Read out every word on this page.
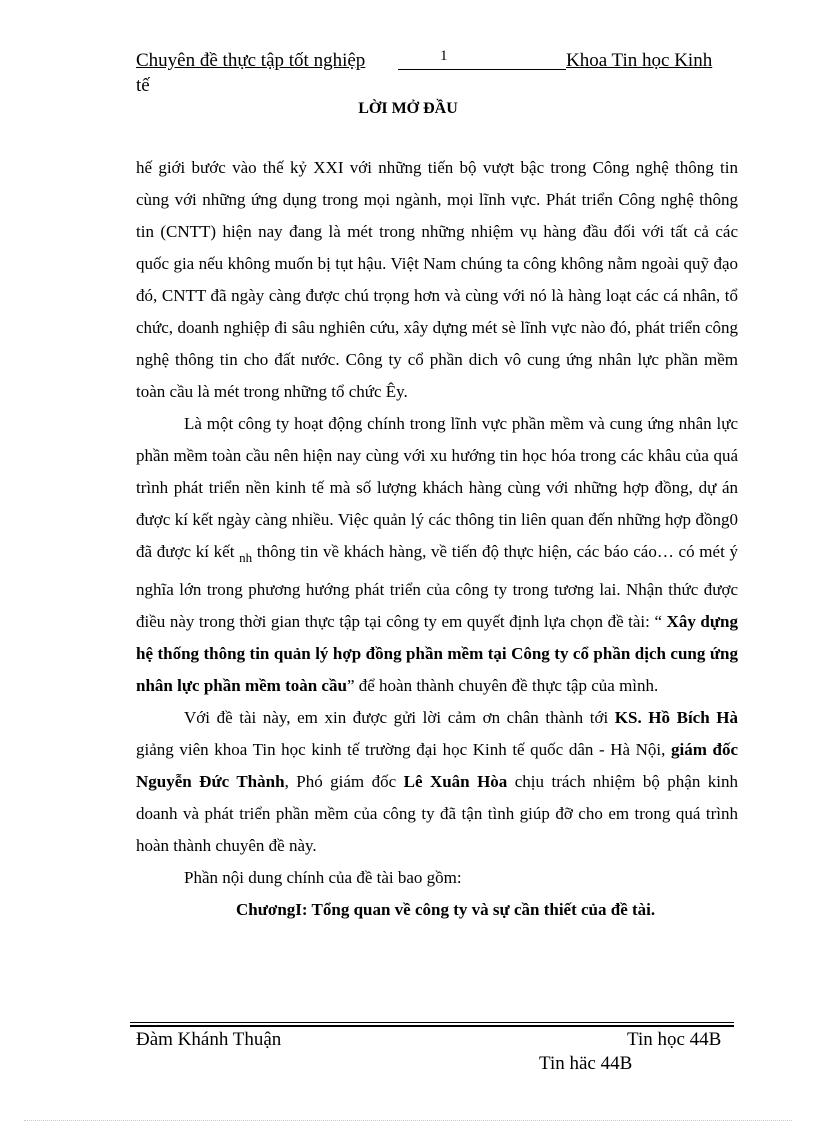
Chuyên đề thực tập tốt nghiệp	1	Khoa Tin học Kinh
tế
LỜI MỞ ĐẦU

hế giới bước vào thế kỷ XXI với những tiến bộ vượt bậc trong Công nghệ thông tin cùng với những ứng dụng trong mọi ngành, mọi lĩnh vực. Phát triển Công nghệ thông tin (CNTT) hiện nay đang là mét trong những nhiệm vụ hàng đầu đối với tất cả các quốc gia nếu không muốn bị tụt hậu. Việt Nam chúng ta công không nằm ngoài quỹ đạo đó, CNTT đã ngày càng được chú trọng hơn và cùng với nó là hàng loạt các cá nhân, tổ chức, doanh nghiệp đi sâu nghiên cứu, xây dựng mét sè lĩnh vực nào đó, phát triển công nghệ thông tin cho đất nước. Công ty cổ phần dich vô cung ứng nhân lực phần mềm toàn cầu là mét trong những tổ chức Êy.

Là một công ty hoạt động chính trong lĩnh vực phần mềm và cung ứng nhân lực phần mềm toàn cầu nên hiện nay cùng với xu hướng tin học hóa trong các khâu của quá trình phát triển nền kinh tế mà số lượng khách hàng cùng với những hợp đồng, dự án được kí kết ngày càng nhiều. Việc quản lý các thông tin liên quan đến những hợp đồng0 đã được kí kết $_{nh}$ thông tin về khách hàng, về tiến độ thực hiện, các báo cáo… có mét ý nghĩa lớn trong phương hướng phát triển của công ty trong tương lai. Nhận thức được điều này trong thời gian thực tập tại công ty em quyết định lựa chọn đề tài: “ Xây dựng hệ thống thông tin quản lý hợp đồng phần mềm tại Công ty cổ phần dịch cung ứng nhân lực phần mềm toàn cầu” để hoàn thành chuyên đề thực tập của mình.

Với đề tài này, em xin được gửi lời cảm ơn chân thành tới KS. Hồ Bích Hà giảng viên khoa Tin học kinh tế trường đại học Kinh tế quốc dân - Hà Nội, giám đốc Nguyễn Đức Thành, Phó giám đốc Lê Xuân Hòa chịu trách nhiệm bộ phận kinh doanh và phát triển phần mềm của công ty đã tận tình giúp đỡ cho em trong quá trình hoàn thành chuyên đề này.

Phần nội dung chính của đề tài bao gồm:

ChươngI: Tổng quan về công ty và sự cần thiết của đề tài.

Đàm Khánh Thuận	Tin học 44B
Tin häc 44B
